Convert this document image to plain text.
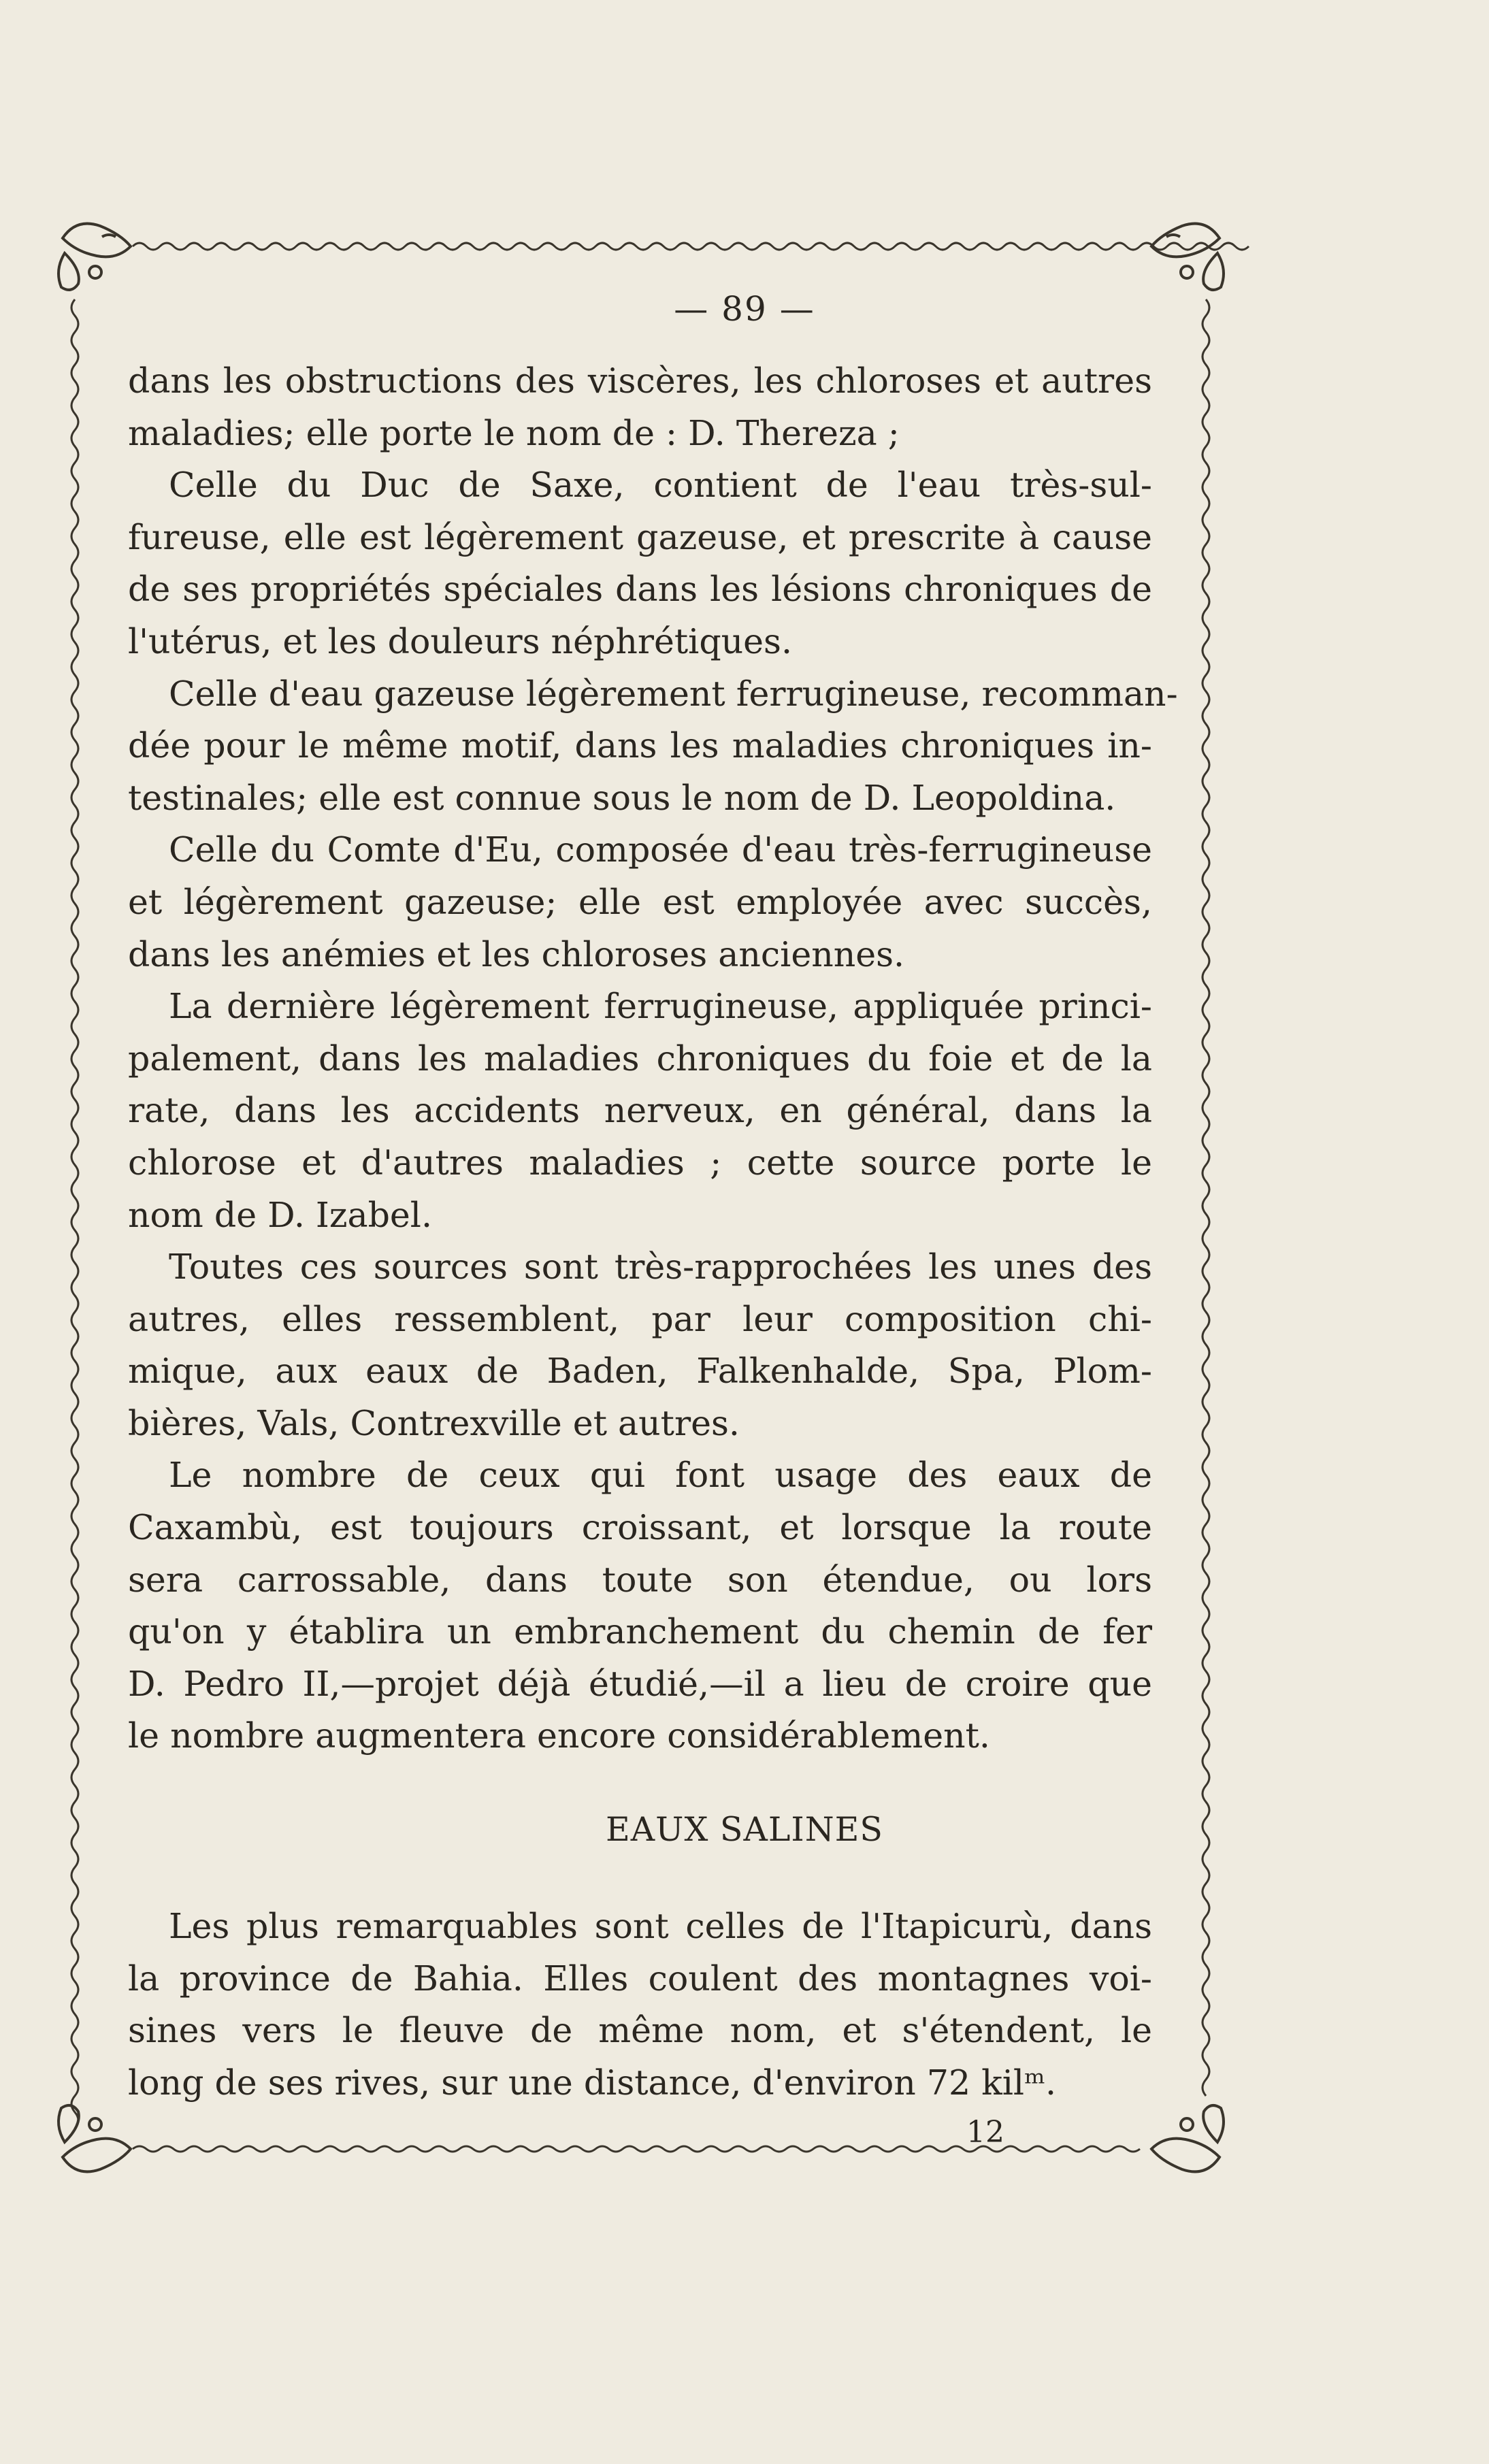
— 89 —
dans les obstructions des viscères, les chloroses et autres
maladies; elle porte le nom de : D. Thereza ;
Celle du Duc de Saxe, contient de l'eau très-sul-
fureuse, elle est légèrement gazeuse, et prescrite à cause
de ses propriétés spéciales dans les lésions chroniques de
l'utérus, et les douleurs néphrétiques.
Celle d'eau gazeuse légèrement ferrugineuse, recomman-
dée pour le même motif, dans les maladies chroniques in-
testinales; elle est connue sous le nom de D. Leopoldina.
Celle du Comte d'Eu, composée d'eau très-ferrugineuse
et légèrement gazeuse; elle est employée avec succès,
dans les anémies et les chloroses anciennes.
La dernière légèrement ferrugineuse, appliquée princi-
palement, dans les maladies chroniques du foie et de la
rate, dans les accidents nerveux, en général, dans la
chlorose et d'autres maladies ; cette source porte le
nom de D. Izabel.
Toutes ces sources sont très-rapprochées les unes des
autres, elles ressemblent, par leur composition chi-
mique, aux eaux de Baden, Falkenhalde, Spa, Plom-
bières, Vals, Contrexville et autres.
Le nombre de ceux qui font usage des eaux de
Caxambù, est toujours croissant, et lorsque la route
sera carrossable, dans toute son étendue, ou lors
qu'on y établira un embranchement du chemin de fer
D. Pedro II,—projet déjà étudié,—il a lieu de croire que
le nombre augmentera encore considérablement.
EAUX SALINES
Les plus remarquables sont celles de l'Itapicurù, dans
la province de Bahia. Elles coulent des montagnes voi-
sines vers le fleuve de même nom, et s'étendent, le
long de ses rives, sur une distance, d'environ 72 kilᵐ.
12
